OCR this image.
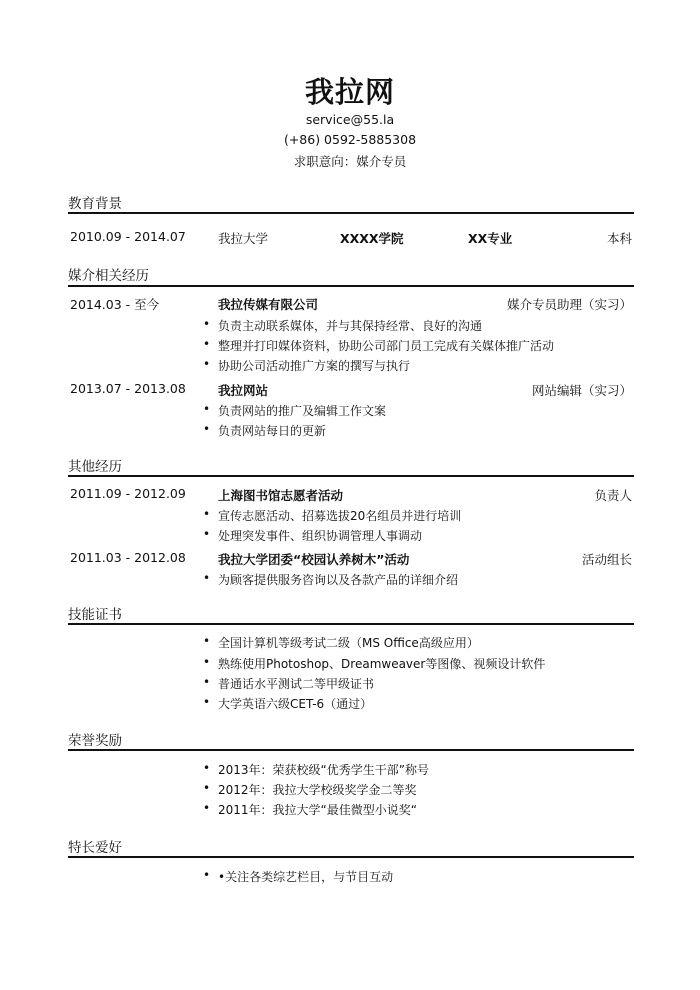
我拉网
service@55.la
(+86) 0592-5885308
求职意向：媒介专员
教育背景
2010.09 - 2014.07	我拉大学	XXXX学院	XX专业	本科
媒介相关经历
2014.03 - 至今	我拉传媒有限公司	媒介专员助理（实习）
• 负责主动联系媒体，并与其保持经常、良好的沟通
• 整理并打印媒体资料，协助公司部门员工完成有关媒体推广活动
• 协助公司活动推广方案的撰写与执行
2013.07 - 2013.08	我拉网站	网站编辑（实习）
• 负责网站的推广及编辑工作文案
• 负责网站每日的更新
其他经历
2011.09 - 2012.09	上海图书馆志愿者活动	负责人
• 宣传志愿活动、招募选拔20名组员并进行培训
• 处理突发事件、组织协调管理人事调动
2011.03 - 2012.08	我拉大学团委“校园认养树木”活动	活动组长
• 为顾客提供服务咨询以及各款产品的详细介绍
技能证书
• 全国计算机等级考试二级（MS Office高级应用）
• 熟练使用Photoshop、Dreamweaver等图像、视频设计软件
• 普通话水平测试二等甲级证书
• 大学英语六级CET-6（通过）
荣誉奖励
• 2013年：荣获校级“优秀学生干部”称号
• 2012年：我拉大学校级奖学金二等奖
• 2011年：我拉大学“最佳微型小说奖“
特长爱好
• •关注各类综艺栏目，与节目互动
